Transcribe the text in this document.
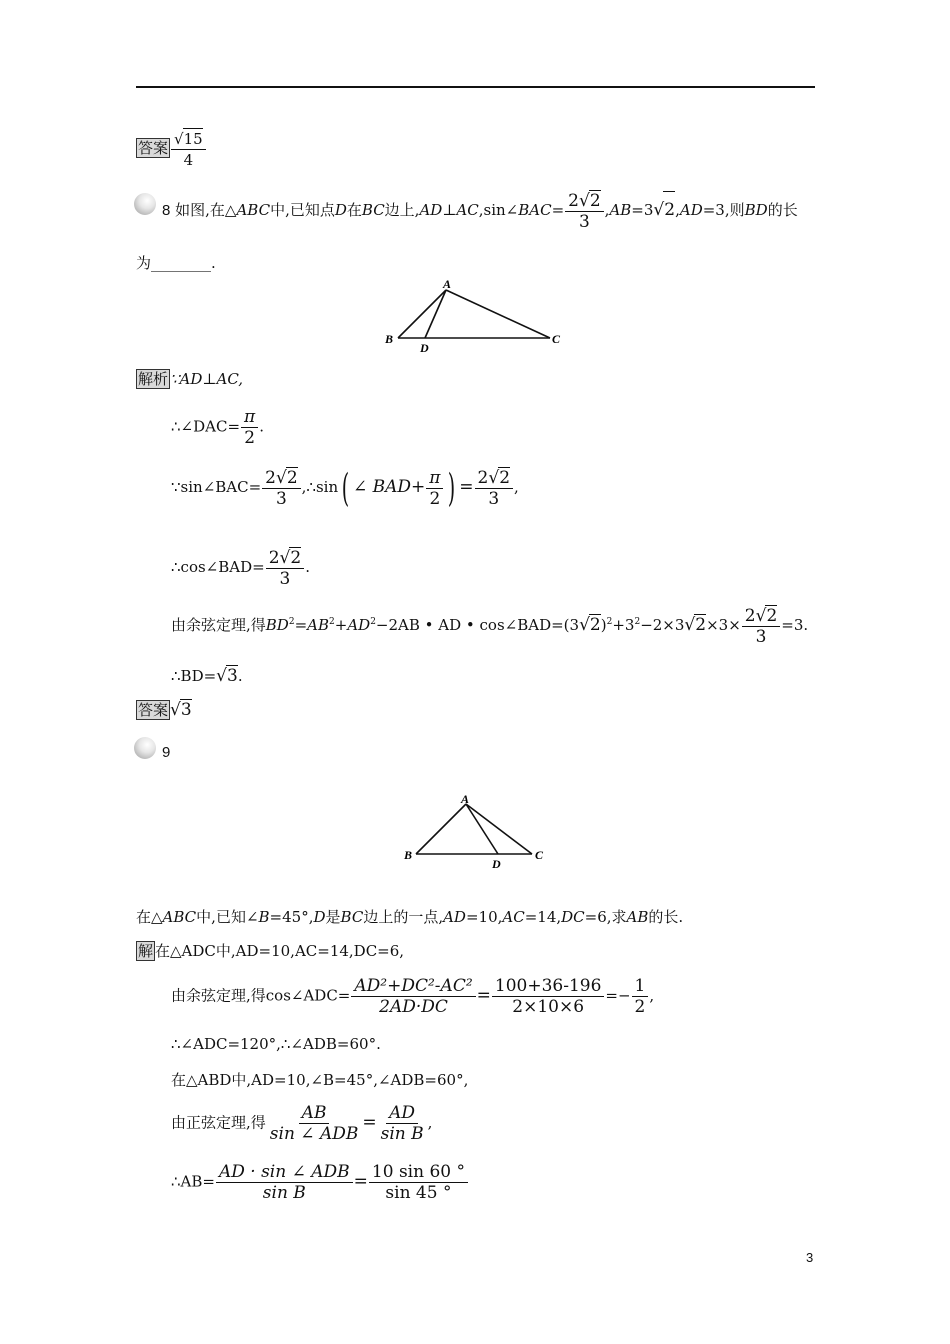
答案 $\frac{√15}{4}$
8 如图,在△ABC中,已知点D在BC边上,AD⊥AC,sin∠BAC= $\frac{2√2}{3} ,AB=3√2,AD=3$,则BD的长
为________.
A
B	C
D
解析 ∵AD⊥AC,
∴∠DAC= $\frac{\pi}{2}$ .
∵sin∠BAC= $\frac{2√2}{3}$ ,∴sin( ∠ $BAD+ \frac{\pi}{2}$ ) = $\frac{2√2}{3}$ ,
∴cos∠BAD= $\frac{2√2}{3}$ .
由余弦定理,得$BD^2=AB^2+AD^2-2AB$ • AD • $\cos\angle BAD=(3√2)^2+3^2-2\times 3√2\times 3\times \frac{2√2}{3} =3$.
∴BD=√3.
答案 √3
9
A
B	C
D
在△ABC中,已知∠B=45°,D是BC边上的一点,AD=10,AC=14,DC=6,求AB的长.
解 在△ADC中,AD=10,AC=14,DC=6,
由余弦定理,得cos∠ADC= $\frac{\text{AD²+DC²-AC²}}{2AD\cdot DC} = \frac{100+36-196}{2\times 10\times 6} =- \frac{1}{2}$ ,
∴∠ADC=120°,∴∠ADB=60°.
在△ABD中,AD=10,∠B=45°,∠ADB=60°,
由正弦定理,得 $\frac{AB}{\text{sin ∠ ADB}} = \frac{AD}{\text{sin B}}$ ,
∴AB= $\frac{\text{AD · sin ∠ ADB}}{\text{sin B}} = \frac{10 \sin 60 ^\circ}{\sin 45 ^\circ}$
3
